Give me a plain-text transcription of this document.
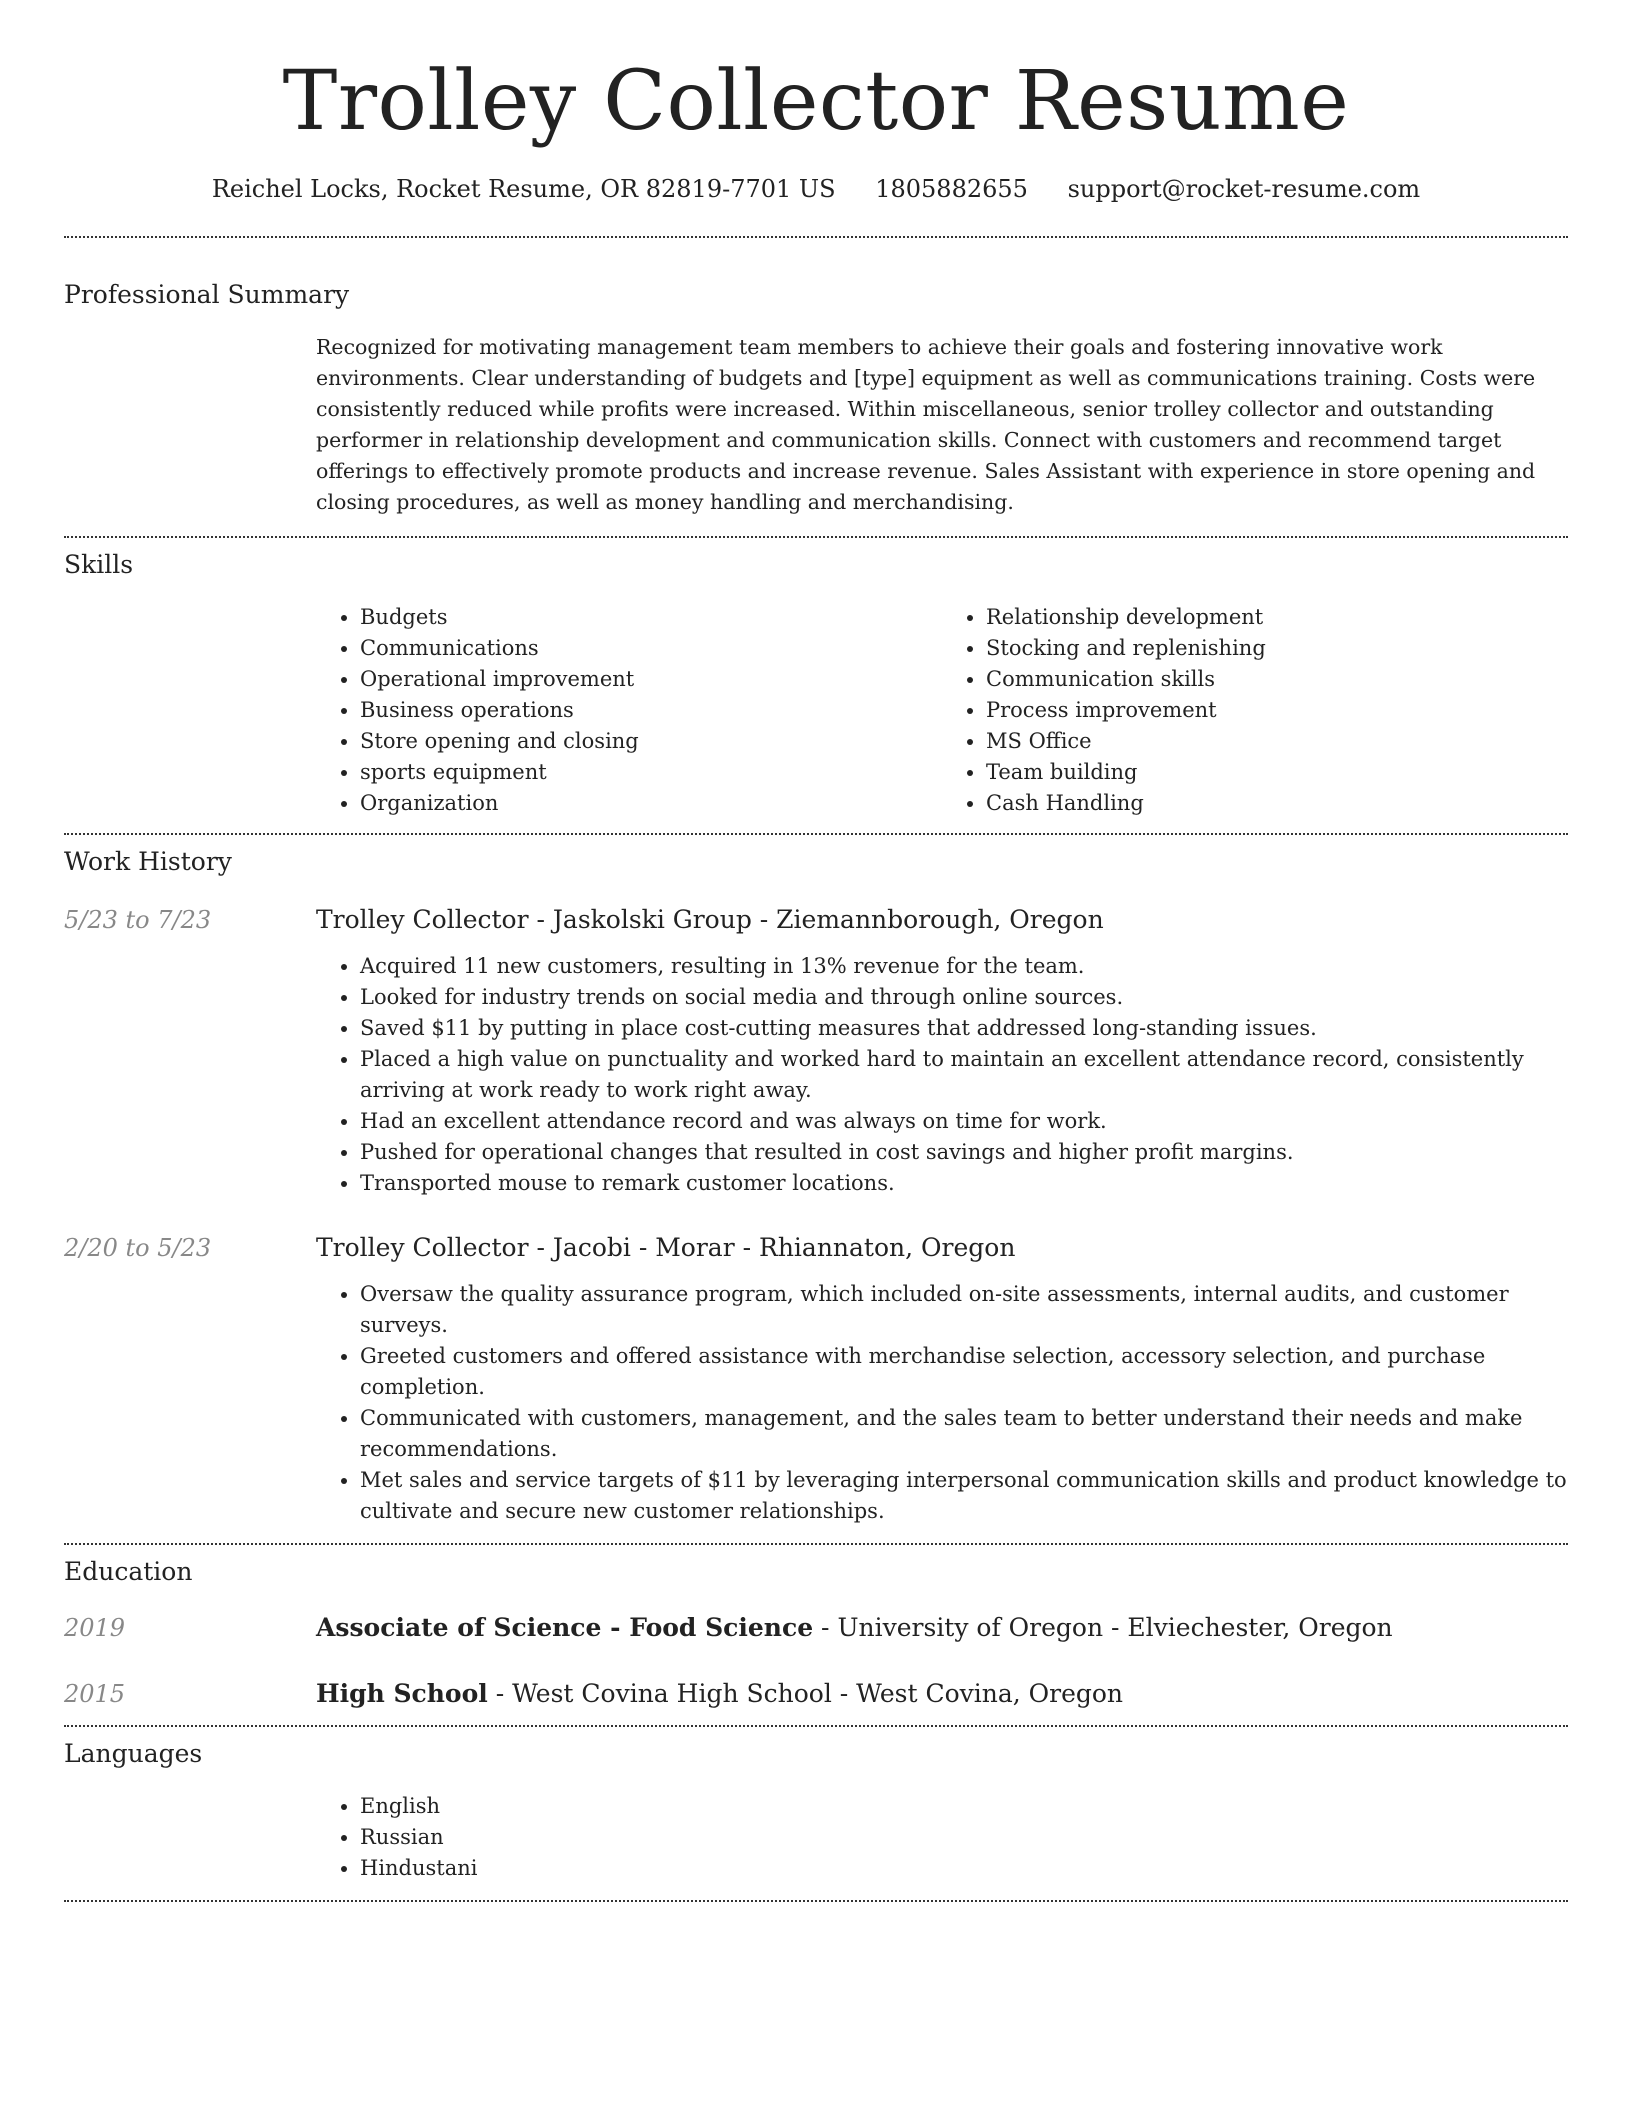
Trolley Collector Resume
Reichel Locks, Rocket Resume, OR 82819-7701 US 1805882655 support@rocket-resume.com
Professional Summary
Recognized for motivating management team members to achieve their goals and fostering innovative work environments. Clear understanding of budgets and [type] equipment as well as communications training. Costs were consistently reduced while profits were increased. Within miscellaneous, senior trolley collector and outstanding performer in relationship development and communication skills. Connect with customers and recommend target offerings to effectively promote products and increase revenue. Sales Assistant with experience in store opening and closing procedures, as well as money handling and merchandising.
Skills
• Budgets
• Communications
• Operational improvement
• Business operations
• Store opening and closing
• sports equipment
• Organization
• Relationship development
• Stocking and replenishing
• Communication skills
• Process improvement
• MS Office
• Team building
• Cash Handling
Work History
5/23 to 7/23	Trolley Collector - Jaskolski Group - Ziemannborough, Oregon
• Acquired 11 new customers, resulting in 13% revenue for the team.
• Looked for industry trends on social media and through online sources.
• Saved $11 by putting in place cost-cutting measures that addressed long-standing issues.
• Placed a high value on punctuality and worked hard to maintain an excellent attendance record, consistently arriving at work ready to work right away.
• Had an excellent attendance record and was always on time for work.
• Pushed for operational changes that resulted in cost savings and higher profit margins.
• Transported mouse to remark customer locations.
2/20 to 5/23	Trolley Collector - Jacobi - Morar - Rhiannaton, Oregon
• Oversaw the quality assurance program, which included on-site assessments, internal audits, and customer surveys.
• Greeted customers and offered assistance with merchandise selection, accessory selection, and purchase completion.
• Communicated with customers, management, and the sales team to better understand their needs and make recommendations.
• Met sales and service targets of $11 by leveraging interpersonal communication skills and product knowledge to cultivate and secure new customer relationships.
Education
2019	Associate of Science - Food Science - University of Oregon - Elviechester, Oregon
2015	High School - West Covina High School - West Covina, Oregon
Languages
• English
• Russian
• Hindustani
